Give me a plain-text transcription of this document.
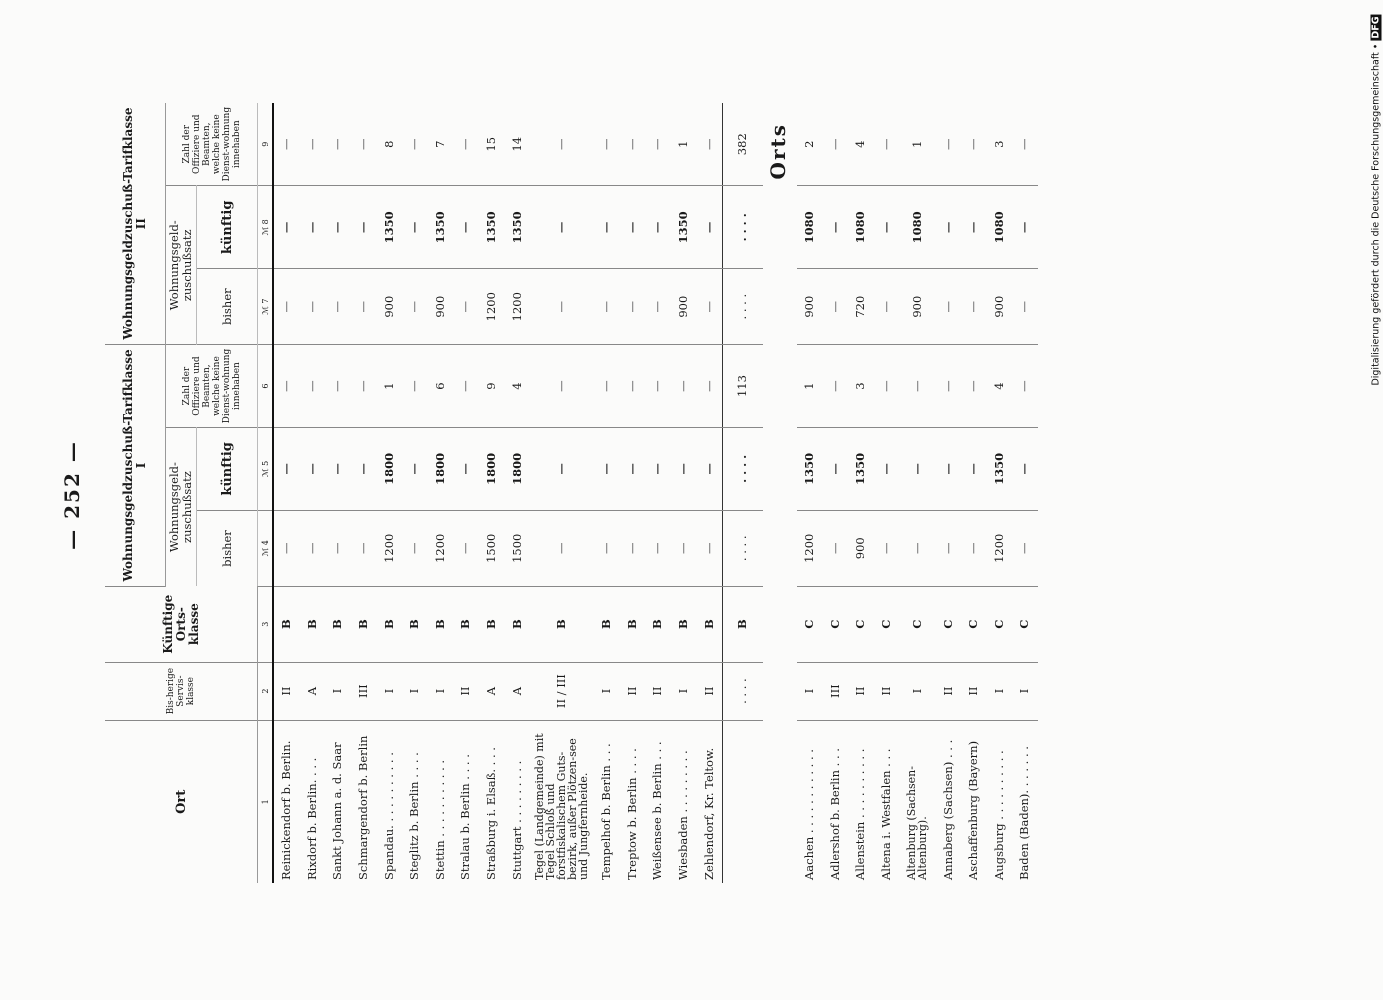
— 252 —
Digitalisierung gefördert durch die Deutsche Forschungsgemeinschaft •DFG
Ort	Bis-herige Servis-klasse	Künftige Orts-klasse	Wohnungsgeldzuschuß-Tarifklasse I			Wohnungsgeldzuschuß-Tarifklasse II		
			Wohnungsgeld-zuschußsatz		Zahl der Offiziere und Beamten, welche keine Dienst-wohnung innehaben	Wohnungsgeld-zuschußsatz		Zahl der Offiziere und Beamten, welche keine Dienst-wohnung innehaben
			bisher	künftig		bisher	künftig	
1	2	3	ℳ 4	ℳ 5	6	ℳ 7	ℳ 8	9
Reinickendorf b. Berlin.	II	B	—	—	—	—	—	—
Rixdorf b. Berlin. . . .	A	B	—	—	—	—	—	—
Sankt Johann a. d. Saar	I	B	—	—	—	—	—	—
Schmargendorf b. Berlin	III	B	—	—	—	—	—	—
Spandau. . . . . . . . . . .	I	B	1200	1800	1	900	1350	8
Steglitz b. Berlin . . . .	I	B	—	—	—	—	—	—
Stettin . . . . . . . . . . .	I	B	1200	1800	6	900	1350	7
Stralau b. Berlin . . . .	II	B	—	—	—	—	—	—
Straßburg i. Elsaß. . . .	A	B	1500	1800	9	1200	1350	15
Stuttgart . . . . . . . . .	A	B	1500	1800	4	1200	1350	14
Tegel (Landgemeinde) mit Tegel Schloß und forstfiskalischem Guts-bezirk, außer Plötzen-see und Jungfernheide.	II / III	B	—	—	—	—	—	—
Tempelhof b. Berlin . . .	I	B	—	—	—	—	—	—
Treptow b. Berlin . . . .	II	B	—	—	—	—	—	—
Weißensee b. Berlin . . .	II	B	—	—	—	—	—	—
Wiesbaden . . . . . . . . .	I	B	—	—	—	900	1350	1
Zehlendorf, Kr. Teltow.	II	B	—	—	—	—	—	—
	. . . .	B	. . . .	. . . .	113	. . . .	. . . .	382
Orts								
Aachen . . . . . . . . . . . .	I	C	1200	1350	1	900	1080	2
Adlershof b. Berlin . . .	III	C	—	—	—	—	—	—
Allenstein . . . . . . . . . .	II	C	900	1350	3	720	1080	4
Altena i. Westfalen . . .	II	C	—	—	—	—	—	—
Altenburg (Sachsen-Altenburg).	I	C	—	—	—	900	1080	1
Annaberg (Sachsen) . . .	II	C	—	—	—	—	—	—
Aschaffenburg (Bayern)	II	C	—	—	—	—	—	—
Augsburg . . . . . . . . . .	I	C	1200	1350	4	900	1080	3
Baden (Baden). . . . . . .	I	C	—	—	—	—	—	—
